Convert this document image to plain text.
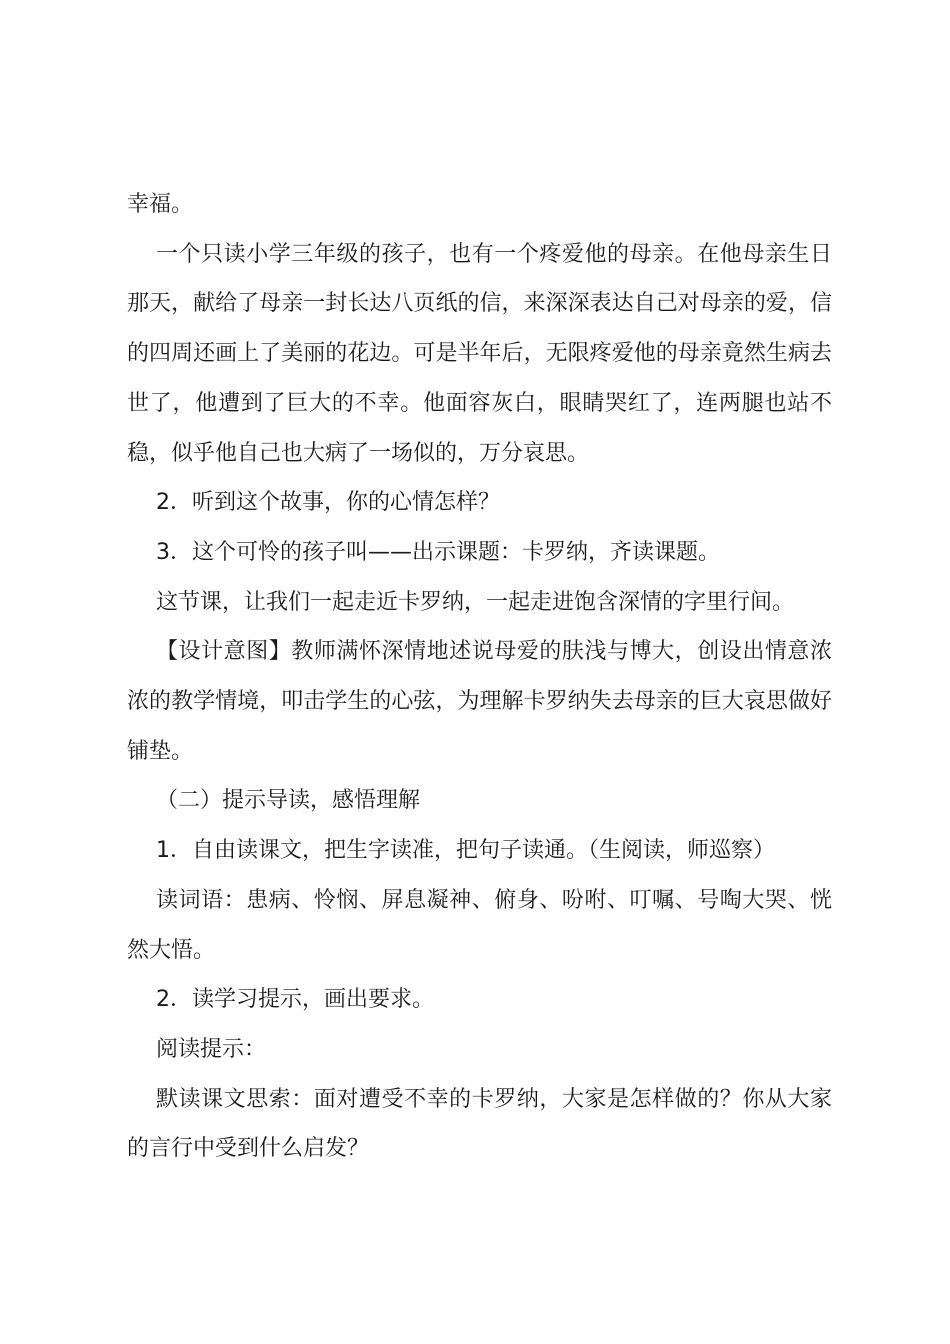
幸福。

一个只读小学三年级的孩子，也有一个疼爱他的母亲。在他母亲生日那天，献给了母亲一封长达八页纸的信，来深深表达自己对母亲的爱，信的四周还画上了美丽的花边。可是半年后，无限疼爱他的母亲竟然生病去世了，他遭到了巨大的不幸。他面容灰白，眼睛哭红了，连两腿也站不稳，似乎他自己也大病了一场似的，万分哀思。

2．听到这个故事，你的心情怎样？

3．这个可怜的孩子叫——出示课题：卡罗纳，齐读课题。

这节课，让我们一起走近卡罗纳，一起走进饱含深情的字里行间。

【设计意图】教师满怀深情地述说母爱的肤浅与博大，创设出情意浓浓的教学情境，叩击学生的心弦，为理解卡罗纳失去母亲的巨大哀思做好铺垫。

（二）提示导读，感悟理解

1．自由读课文，把生字读准，把句子读通。（生阅读，师巡察）

读词语：患病、怜悯、屏息凝神、俯身、吩咐、叮嘱、号啕大哭、恍然大悟。

2．读学习提示，画出要求。

阅读提示：

默读课文思索：面对遭受不幸的卡罗纳，大家是怎样做的？你从大家的言行中受到什么启发？
